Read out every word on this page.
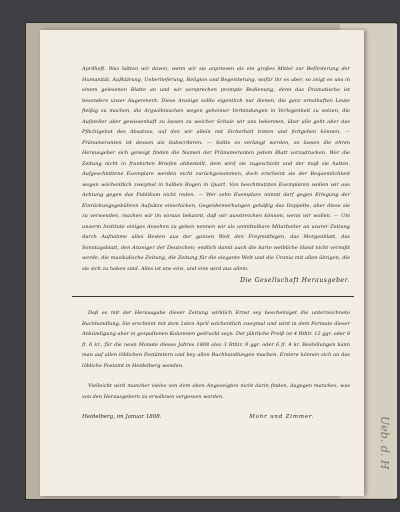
Ueb. d. H
Aprilheft. Was hätten wir davon, wenn wir sie anpriesen als ein großes Mittel zur Beförderung der Humanität, Aufklärung, Ueberlieferung, Religion und Begeisterung, wofür ihr es aber, so zeigt es uns in einem gelesenen Blatte an und wir versprechen prompte Bedienung, denn das Dramatische ist besonders unser Augenmerk. Diese Anzeige sollte eigentlich nur dienen, die ganz ernsthaften Leute fleißig zu machen, die Argwöhnischen wegen geheimer Verbindungen in Verlegenheit zu setzen, die Aufsteller aber gewissenhaft zu lassen zu welcher Schule wir uns bekennen, über alle geht aber das Pflichtgebot des Absatzes, auf den wir allein mit Sicherheit treten und fortgehen können. — Pränumeranten ist dessen als Subscribiren. — Sollte es verlangt werden, so lassen die ehren Herausgeber sich geneigt finden die Namen der Pränumeranten jedem Blatt vorzudrucken. Wer die Zeitung nicht in frankirten Briefen abbestellt, dem wird sie zugeschickt und der muß sie halten. Aufgeschnittene Exemplare werden nicht zurückgenommen, doch erscheint sie der Bequemlichkeit wegen wöchentlich zweymal in halben Bogen in Quart. Von beschmutzten Exemplaren wollen wir aus Achtung gegen das Publikum nicht reden. — Wer zehn Exemplare nimmt darf gegen Erlegung der Einrückungsgebühren Aufsätze einschicken, Gegenbemerkungen gehäßig das Doppelte, aber diese sie zu verwenden, machen wir im voraus bekannt, daß wir ausstreichen können, wenn wir wollen. — Um unserm Institute einiges Ansehen zu geben nennen wir als unmittelbare Mitarbeiter an unsrer Zeitung durch Aufnahme alles Besten aus der ganzen Welt den Freymüthigen, das Morgenblatt, das Sonntagsblatt, den Anzeiger der Deutschen; endlich damit auch die harte weibliche Hand nicht vermißt werde, die musikalische Zeitung, die Zeitung für die elegante Welt und die Urania mit allen übrigen, die sie sich zu haben sind. Alles ist uns eins, und eins wird aus allem.
Die Gesellschaft Herausgeber.

Daß es mit der Herausgabe dieser Zeitung wirklich Ernst sey bescheiniget die unterzeichnete Buchhandlung. Sie erscheint mit dem 1sten April wöchentlich zweymal und wird in dem Formate dieser Ankündigung aber in gespaltenen Kolumnen gedruckt seyn. Der jährliche Preiß ist 4 Rthlr. 12 ggr. oder 8 fl. 6 kr., für die neun Monate dieses Jahres 1808 also 3 Rthlr. 9 ggr. oder 6 fl. 4 kr. Bestellungen kann man auf allen löblichen Postämtern und bey allen Buchhandlungen machen. Erstere können sich an das löbliche Postamt in Heidelberg wenden.

Vielleicht wird mancher vieles von dem oben Angezeigten nicht darin finden, dagegen manches, was von den Herausgebern zu erwähnen vergessen worden.

Heidelberg, im Januar 1808.	Mohr und Zimmer.
